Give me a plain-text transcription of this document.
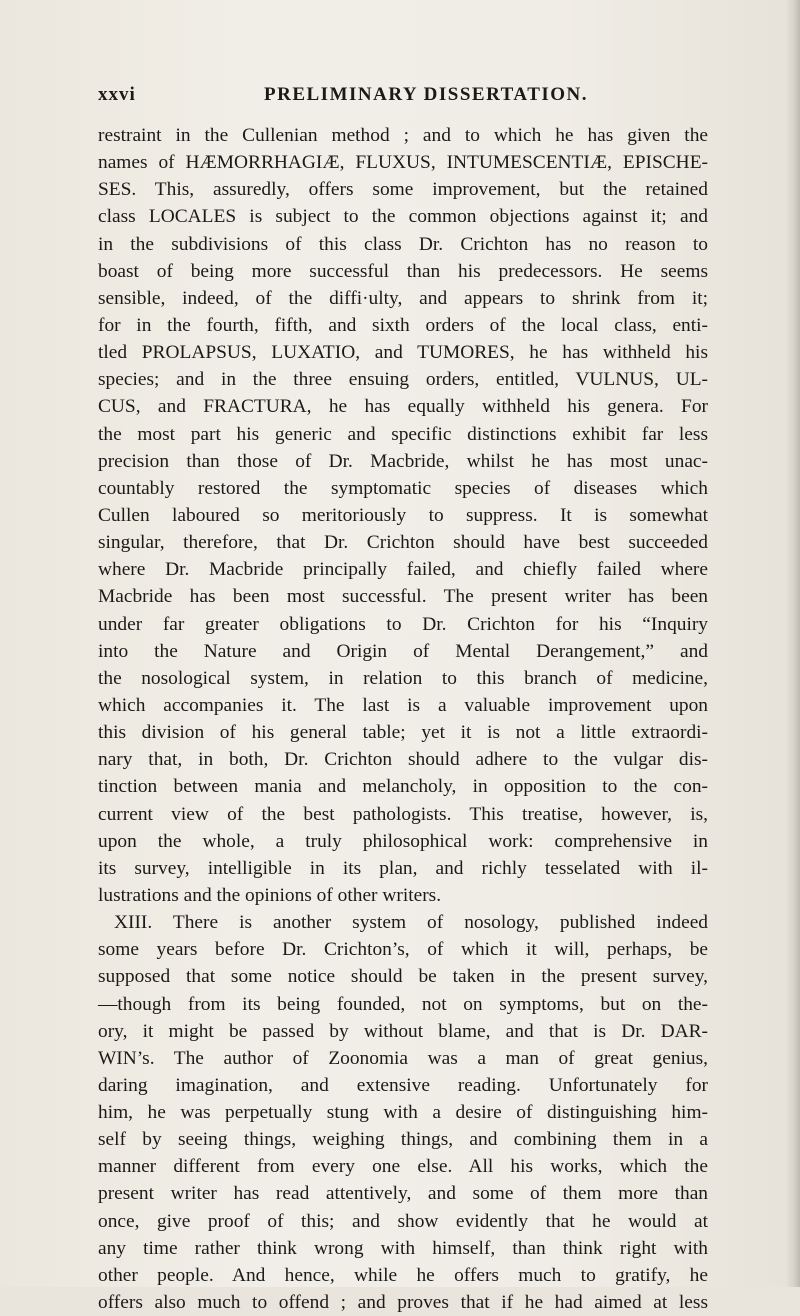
xxvi	PRELIMINARY DISSERTATION.
restraint in the Cullenian method ; and to which he has given the
names of HÆMORRHAGIÆ, FLUXUS, INTUMESCENTIÆ, EPISCHE-
SES. This, assuredly, offers some improvement, but the retained
class LOCALES is subject to the common objections against it; and
in the subdivisions of this class Dr. Crichton has no reason to
boast of being more successful than his predecessors. He seems
sensible, indeed, of the diffi·ulty, and appears to shrink from it;
for in the fourth, fifth, and sixth orders of the local class, enti-
tled PROLAPSUS, LUXATIO, and TUMORES, he has withheld his
species; and in the three ensuing orders, entitled, VULNUS, UL-
CUS, and FRACTURA, he has equally withheld his genera. For
the most part his generic and specific distinctions exhibit far less
precision than those of Dr. Macbride, whilst he has most unac-
countably restored the symptomatic species of diseases which
Cullen laboured so meritoriously to suppress. It is somewhat
singular, therefore, that Dr. Crichton should have best succeeded
where Dr. Macbride principally failed, and chiefly failed where
Macbride has been most successful. The present writer has been
under far greater obligations to Dr. Crichton for his “Inquiry
into the Nature and Origin of Mental Derangement,” and
the nosological system, in relation to this branch of medicine,
which accompanies it. The last is a valuable improvement upon
this division of his general table; yet it is not a little extraordi-
nary that, in both, Dr. Crichton should adhere to the vulgar dis-
tinction between mania and melancholy, in opposition to the con-
current view of the best pathologists. This treatise, however, is,
upon the whole, a truly philosophical work: comprehensive in
its survey, intelligible in its plan, and richly tesselated with il-
lustrations and the opinions of other writers.
XIII. There is another system of nosology, published indeed
some years before Dr. Crichton’s, of which it will, perhaps, be
supposed that some notice should be taken in the present survey,
—though from its being founded, not on symptoms, but on the-
ory, it might be passed by without blame, and that is Dr. DAR-
WIN’s. The author of Zoonomia was a man of great genius,
daring imagination, and extensive reading. Unfortunately for
him, he was perpetually stung with a desire of distinguishing him-
self by seeing things, weighing things, and combining them in a
manner different from every one else. All his works, which the
present writer has read attentively, and some of them more than
once, give proof of this; and show evidently that he would at
any time rather think wrong with himself, than think right with
other people. And hence, while he offers much to gratify, he
offers also much to offend ; and proves that if he had aimed at less
